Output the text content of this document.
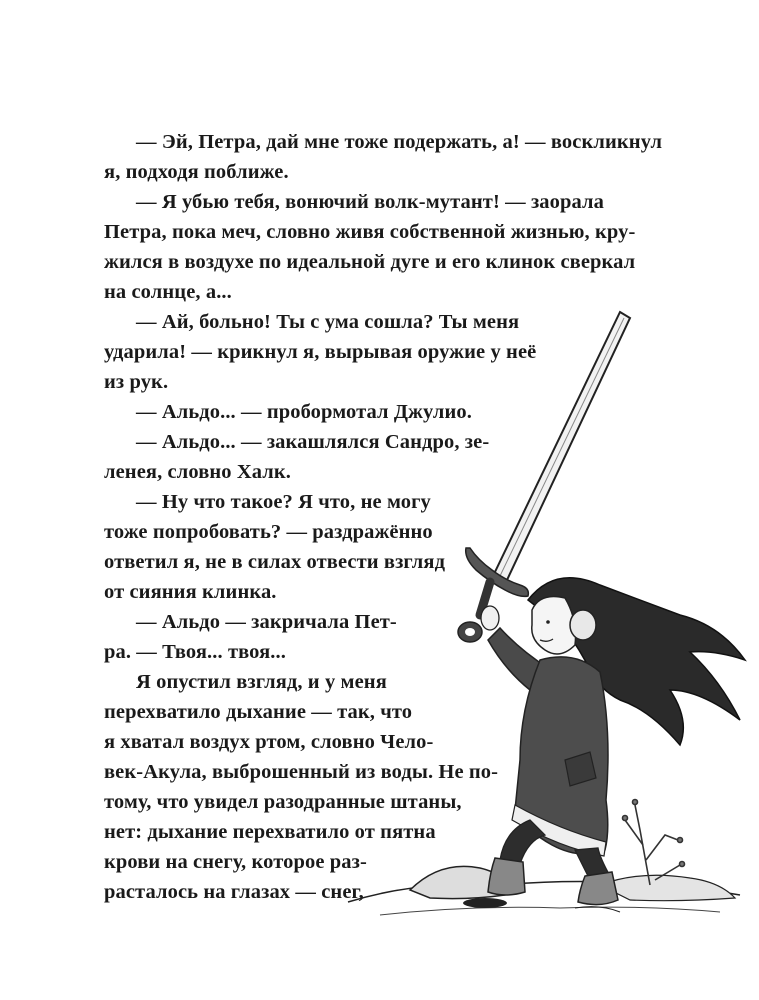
— Эй, Петра, дай мне тоже подержать, а! — воскликнул
я, подходя поближе.
— Я убью тебя, вонючий волк-мутант! — заорала
Петра, пока меч, словно живя собственной жизнью, кру-
жился в воздухе по идеальной дуге и его клинок сверкал
на солнце, а...
— Ай, больно! Ты с ума сошла? Ты меня
ударила! — крикнул я, вырывая оружие у неё
из рук.
— Альдо... — пробормотал Джулио.
— Альдо... — закашлялся Сандро, зе-
ленея, словно Халк.
— Ну что такое? Я что, не могу
тоже попробовать? — раздражённо
ответил я, не в силах отвести взгляд
от сияния клинка.
— Альдо — закричала Пет-
ра. — Твоя... твоя...
Я опустил взгляд, и у меня
перехватило дыхание — так, что
я хватал воздух ртом, словно Чело-
век-Акула, выброшенный из воды. Не по-
тому, что увидел разодранные штаны,
нет: дыхание перехватило от пятна
крови на снегу, которое раз-
расталось на глазах — снег,
